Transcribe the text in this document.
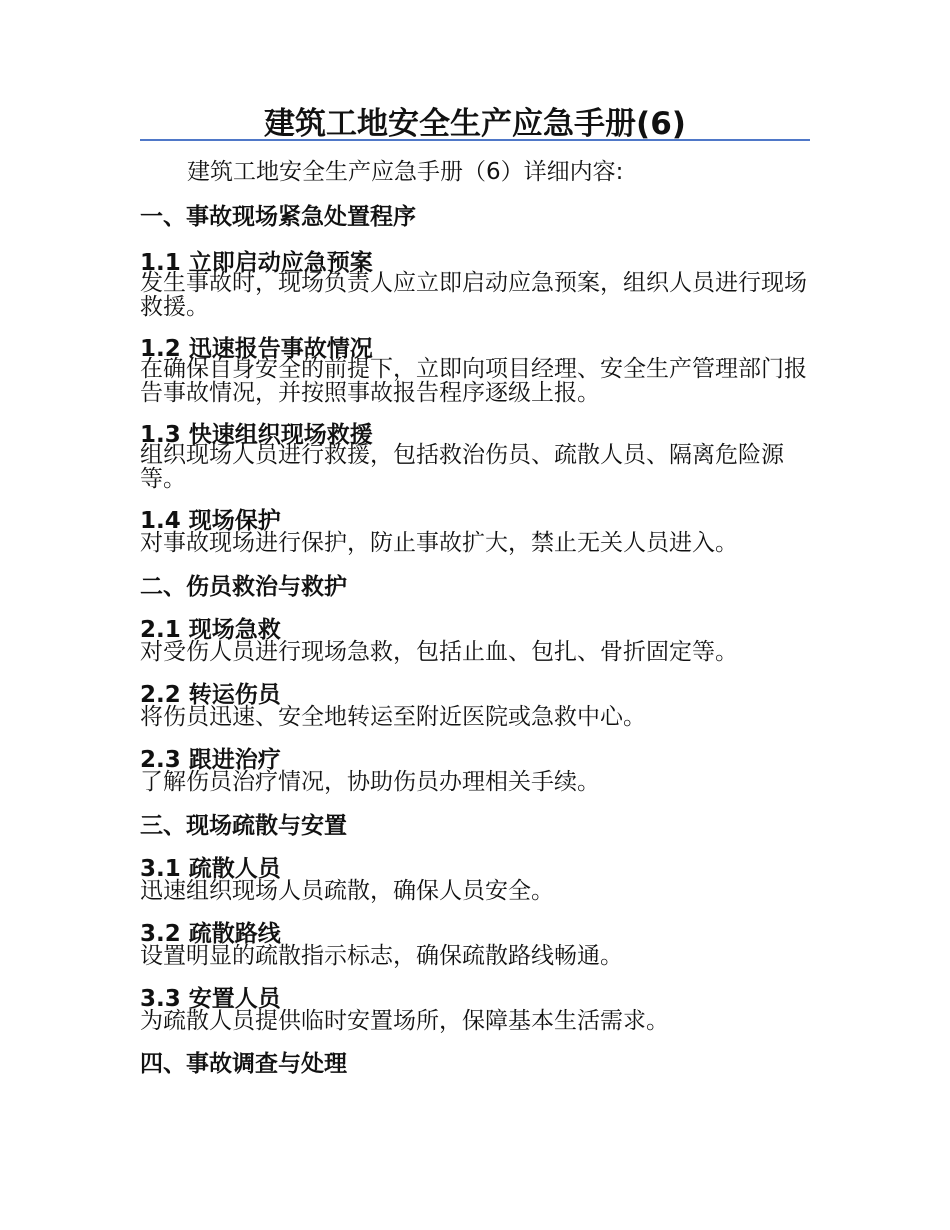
建筑工地安全生产应急手册(6)

建筑工地安全生产应急手册（6）详细内容:

一、事故现场紧急处置程序
1.1 立即启动应急预案

发生事故时，现场负责人应立即启动应急预案，组织人员进行现场救援。

1.2 迅速报告事故情况

在确保自身安全的前提下，立即向项目经理、安全生产管理部门报告事故情况，并按照事故报告程序逐级上报。

1.3 快速组织现场救援

组织现场人员进行救援，包括救治伤员、疏散人员、隔离危险源等。

1.4 现场保护

对事故现场进行保护，防止事故扩大，禁止无关人员进入。

二、伤员救治与救护
2.1 现场急救

对受伤人员进行现场急救，包括止血、包扎、骨折固定等。

2.2 转运伤员

将伤员迅速、安全地转运至附近医院或急救中心。

2.3 跟进治疗

了解伤员治疗情况，协助伤员办理相关手续。

三、现场疏散与安置
3.1 疏散人员

迅速组织现场人员疏散，确保人员安全。

3.2 疏散路线

设置明显的疏散指示标志，确保疏散路线畅通。

3.3 安置人员

为疏散人员提供临时安置场所，保障基本生活需求。

四、事故调查与处理
